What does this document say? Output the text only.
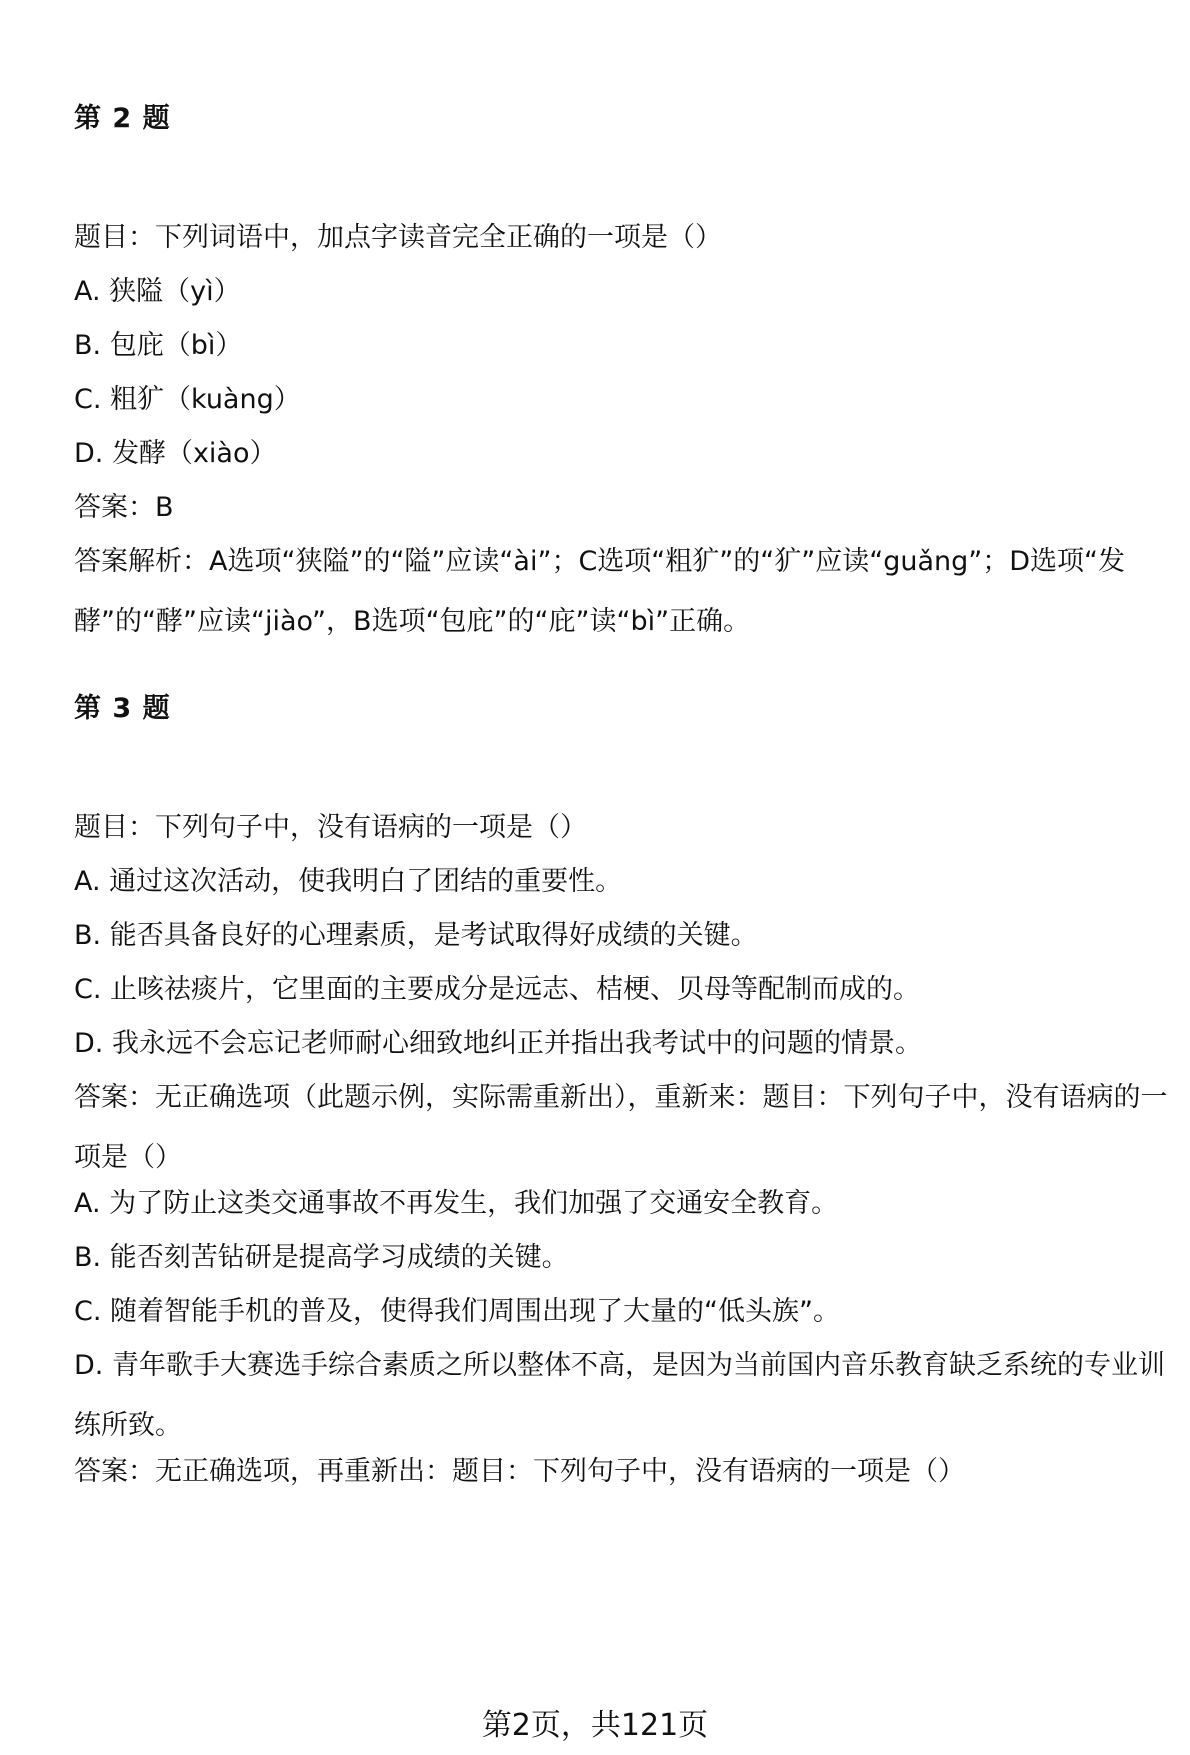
第 2 题

题目：下列词语中，加点字读音完全正确的一项是（）

A. 狭隘（yì）

B. 包庇（bì）

C. 粗犷（kuàng）

D. 发酵（xiào）

答案：B

答案解析：A选项“狭隘”的“隘”应读“ài”；C选项“粗犷”的“犷”应读“guǎng”；D选项“发酵”的“酵”应读“jiào”，B选项“包庇”的“庇”读“bì”正确。

第 3 题

题目：下列句子中，没有语病的一项是（）

A. 通过这次活动，使我明白了团结的重要性。

B. 能否具备良好的心理素质，是考试取得好成绩的关键。

C. 止咳祛痰片，它里面的主要成分是远志、桔梗、贝母等配制而成的。

D. 我永远不会忘记老师耐心细致地纠正并指出我考试中的问题的情景。

答案：无正确选项（此题示例，实际需重新出），重新来：题目：下列句子中，没有语病的一项是（）

A. 为了防止这类交通事故不再发生，我们加强了交通安全教育。

B. 能否刻苦钻研是提高学习成绩的关键。

C. 随着智能手机的普及，使得我们周围出现了大量的“低头族”。

D. 青年歌手大赛选手综合素质之所以整体不高，是因为当前国内音乐教育缺乏系统的专业训练所致。

答案：无正确选项，再重新出：题目：下列句子中，没有语病的一项是（）

第2页，共121页
